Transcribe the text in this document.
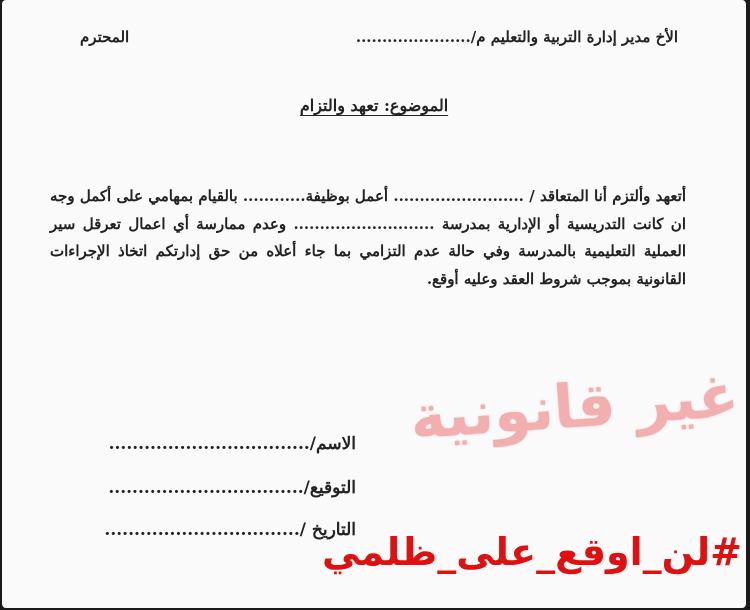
الأخ مدير إدارة التربية والتعليم م/......................
المحترم
الموضوع: تعهد والتزام
أتعهد وألتزم أنا المتعاقد / ......................... أعمل بوظيفة............ بالقيام بمهامي على أكمل وجه ان كانت التدريسية أو الإدارية بمدرسة ........................... وعدم ممارسة أي اعمال تعرقل سير العملية التعليمية بالمدرسة وفي حالة عدم التزامي بما جاء أعلاه من حق إدارتكم اتخاذ الإجراءات القانونية بموجب شروط العقد وعليه أوقع.
الاسم/..................................
التوقيع/.................................
التاريخ /.................................
غير قانونية
#لن_اوقع_على_ظلمي
